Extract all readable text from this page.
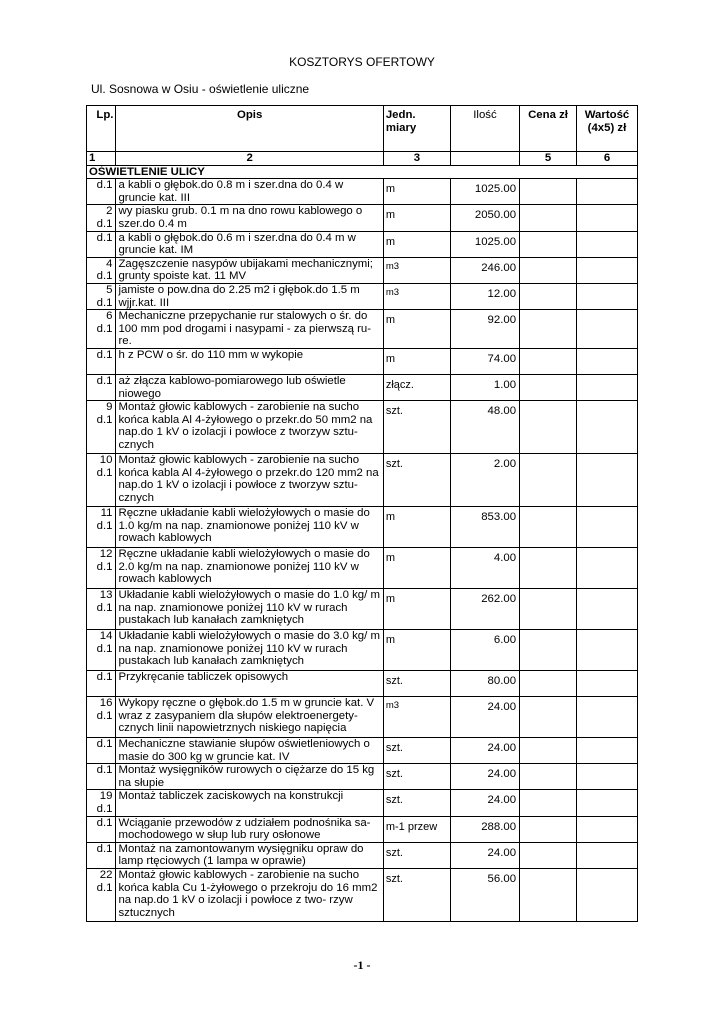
KOSZTORYS OFERTOWY
Ul. Sosnowa w Osiu - oświetlenie uliczne
Lp.	Opis	Jedn. miary	Ilość	Cena zł	Wartość (4x5) zł
1	2	3		5	6
OŚWIETLENIE ULICY					
d.1	a kabli o głębok.do 0.8 m i szer.dna do 0.4 w gruncie kat. III	m	1025.00		
2 d.1	wy piasku grub. 0.1 m na dno rowu kablowego o szer.do 0.4 m	m	2050.00		
d.1	a kabli o głębok.do 0.6 m i szer.dna do 0.4 m w gruncie kat. IM	m	1025.00		
4 d.1	Zagęszczenie nasypów ubijakami mechanicznymi; grunty spoiste kat. 11 MV	m3	246.00		
5 d.1	jamiste o pow.dna do 2.25 m2 i głębok.do 1.5 m wjjr.kat. III	m3	12.00		
6 d.1	Mechaniczne przepychanie rur stalowych o śr. do 100 mm pod drogami i nasypami - za pierwszą ru- re.	m	92.00		
d.1	h z PCW o śr. do 110 mm w wykopie	m	74.00		
d.1	aż złącza kablowo-pomiarowego lub oświetle niowego	złącz.	1.00		
9 d.1	Montaż głowic kablowych - zarobienie na sucho końca kabla Al 4-żyłowego o przekr.do 50 mm2 na nap.do 1 kV o izolacji i powłoce z tworzyw sztu- cznych	szt.	48.00		
10 d.1	Montaż głowic kablowych - zarobienie na sucho końca kabla Al 4-żyłowego o przekr.do 120 mm2 na nap.do 1 kV o izolacji i powłoce z tworzyw sztu- cznych	szt.	2.00		
11 d.1	Ręczne układanie kabli wielożyłowych o masie do 1.0 kg/m na nap. znamionowe poniżej 110 kV w rowach kablowych	m	853.00		
12 d.1	Ręczne układanie kabli wielożyłowych o masie do 2.0 kg/m na nap. znamionowe poniżej 110 kV w rowach kablowych	m	4.00		
13 d.1	Układanie kabli wielożyłowych o masie do 1.0 kg/ m na nap. znamionowe poniżej 110 kV w rurach pustakach lub kanałach zamkniętych	m	262.00		
14 d.1	Układanie kabli wielożyłowych o masie do 3.0 kg/ m na nap. znamionowe poniżej 110 kV w rurach pustakach lub kanałach zamkniętych	m	6.00		
d.1	Przykręcanie tabliczek opisowych	szt.	80.00		
16 d.1	Wykopy ręczne o głębok.do 1.5 m w gruncie kat. V wraz z zasypaniem dla słupów elektroenergety- cznych linii napowietrznych niskiego napięcia	m3	24.00		
d.1	Mechaniczne stawianie słupów oświetleniowych o masie do 300 kg w gruncie kat. IV	szt.	24.00		
d.1	Montaż wysięgników rurowych o ciężarze do 15 kg na słupie	szt.	24.00		
19 d.1	Montaż tabliczek zaciskowych na konstrukcji	szt.	24.00		
d.1	Wciąganie przewodów z udziałem podnośnika sa- mochodowego w słup lub rury osłonowe	m-1 przew	288.00		
d.1	Montaż na zamontowanym wysięgniku opraw do lamp rtęciowych (1 lampa w oprawie)	szt.	24.00		
22 d.1	Montaż głowic kablowych - zarobienie na sucho końca kabla Cu 1-żyłowego o przekroju do 16 mm2 na nap.do 1 kV o izolacji i powłoce z two- rzyw sztucznych	szt.	56.00		
-1 -
